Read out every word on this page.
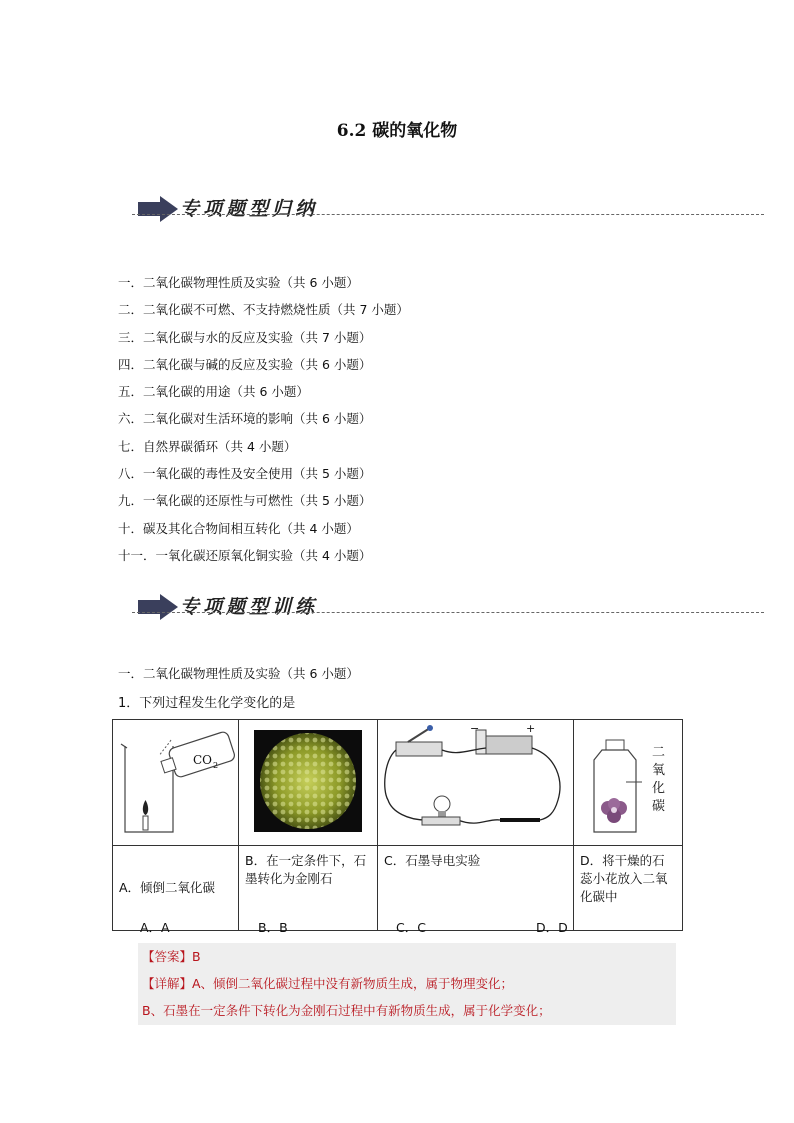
6.2 碳的氧化物
专项题型归纳
一．二氧化碳物理性质及实验（共 6 小题）
二．二氧化碳不可燃、不支持燃烧性质（共 7 小题）
三．二氧化碳与水的反应及实验（共 7 小题）
四．二氧化碳与碱的反应及实验（共 6 小题）
五．二氧化碳的用途（共 6 小题）
六．二氧化碳对生活环境的影响（共 6 小题）
七．自然界碳循环（共 4 小题）
八．一氧化碳的毒性及安全使用（共 5 小题）
九．一氧化碳的还原性与可燃性（共 5 小题）
十．碳及其化合物间相互转化（共 4 小题）
十一．一氧化碳还原氧化铜实验（共 4 小题）
专项题型训练
一．二氧化碳物理性质及实验（共 6 小题）
1．下列过程发生化学变化的是
CO 2		− +	二
氧
化
碳

A．倾倒二氧化碳	B．在一定条件下，石墨转化为金刚石	C．石墨导电实验	D．将干燥的石蕊小花放入二氧化碳中
A．A	B．B	C．C	D．D
【答案】B
【详解】A、倾倒二氧化碳过程中没有新物质生成，属于物理变化；
B、石墨在一定条件下转化为金刚石过程中有新物质生成，属于化学变化；
